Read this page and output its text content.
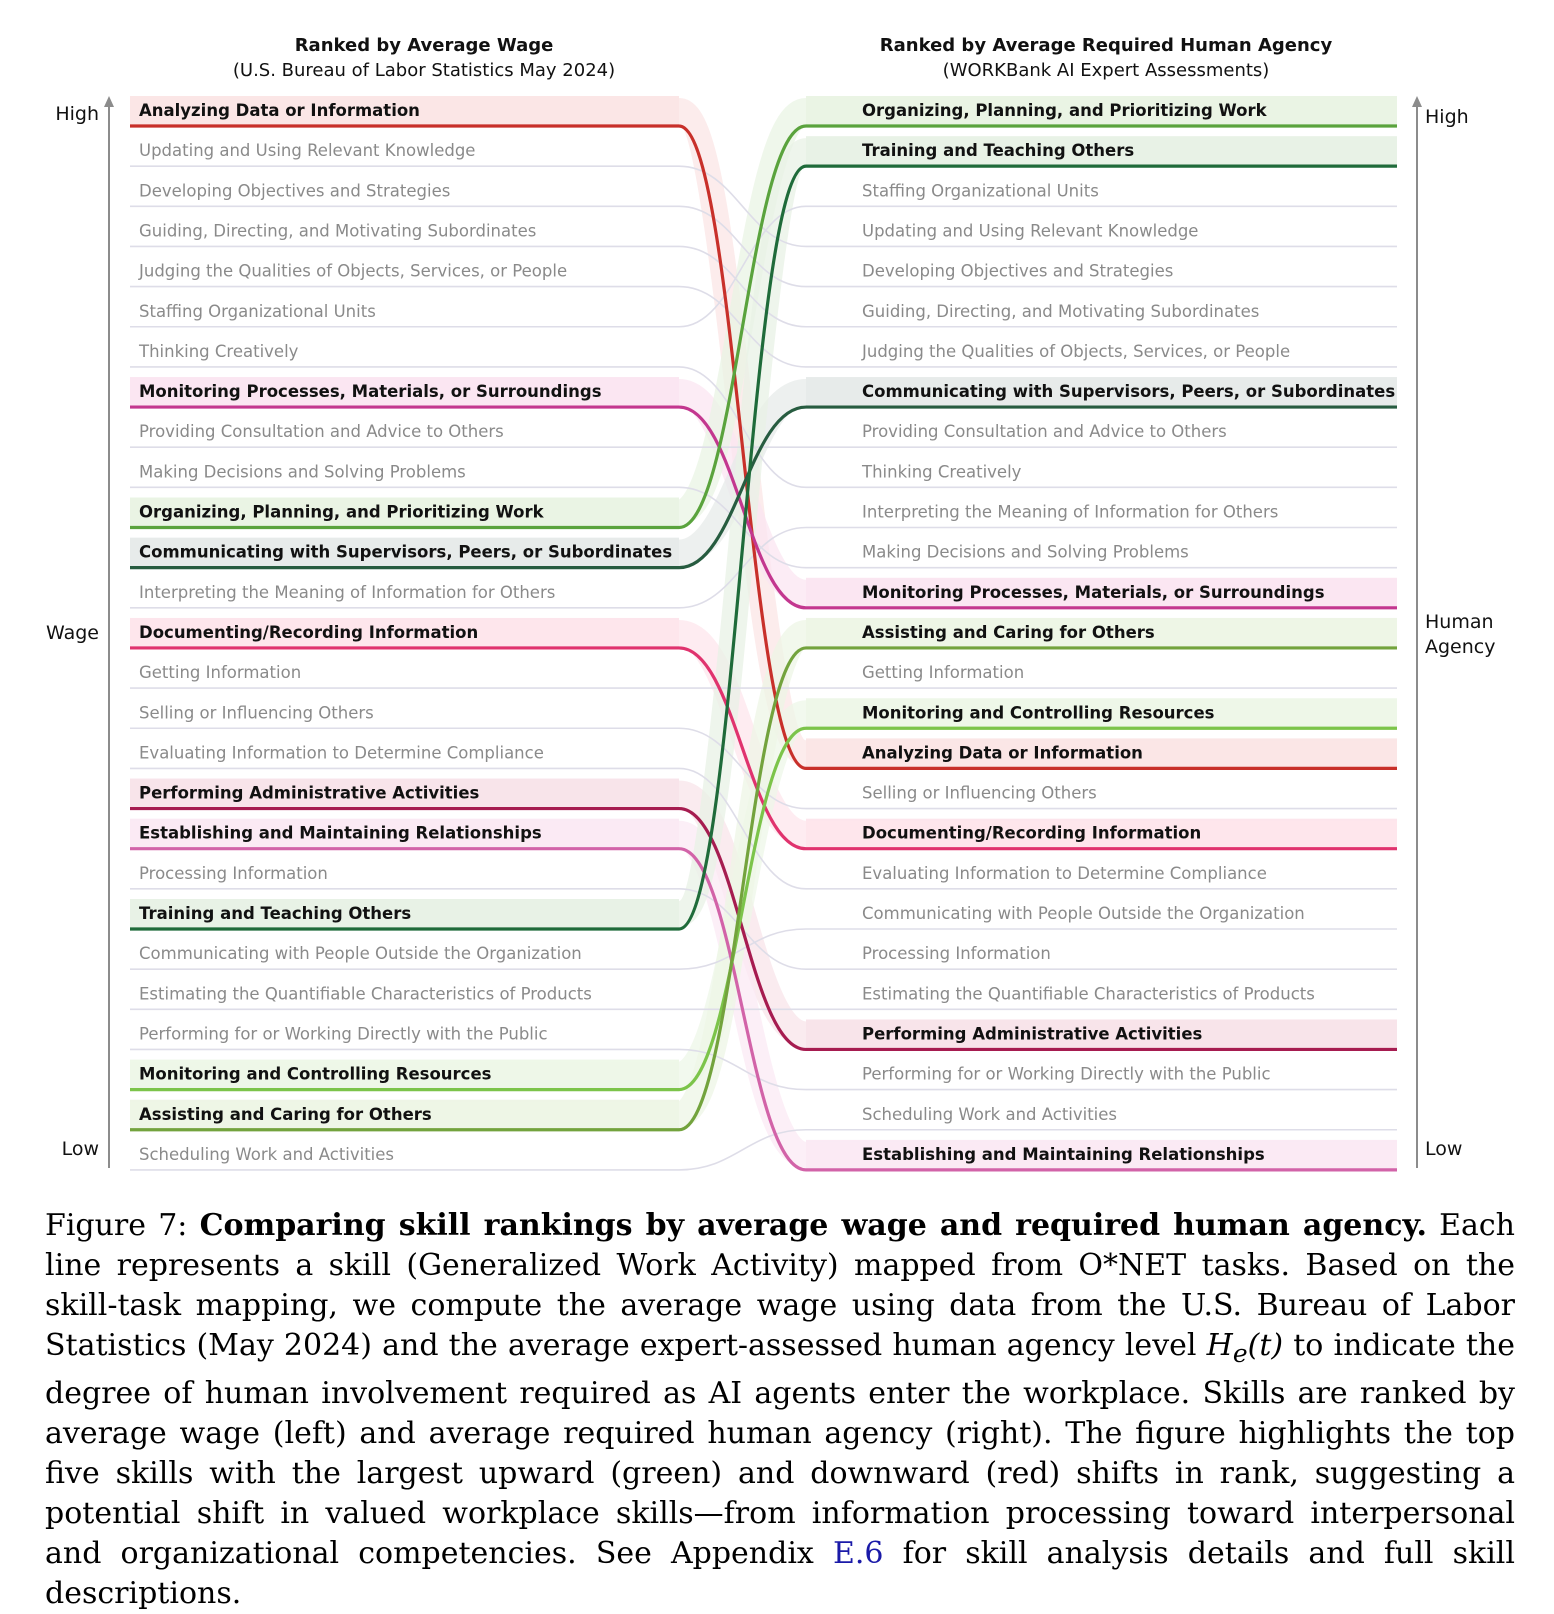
Ranked by Average Wage
(U.S. Bureau of Labor Statistics May 2024)
Ranked by Average Required Human Agency
(WORKBank AI Expert Assessments)
High
Wage
Low
High
Human
Agency
Low
Analyzing Data or Information
Analyzing Data or Information
Updating and Using Relevant Knowledge
Updating and Using Relevant Knowledge
Developing Objectives and Strategies
Developing Objectives and Strategies
Guiding, Directing, and Motivating Subordinates
Guiding, Directing, and Motivating Subordinates
Judging the Qualities of Objects, Services, or People
Judging the Qualities of Objects, Services, or People
Staffing Organizational Units
Staffing Organizational Units
Thinking Creatively
Thinking Creatively
Monitoring Processes, Materials, or Surroundings
Monitoring Processes, Materials, or Surroundings
Providing Consultation and Advice to Others	Providing Consultation and Advice to Others
Making Decisions and Solving Problems
Making Decisions and Solving Problems
Organizing, Planning, and Prioritizing Work
Organizing, Planning, and Prioritizing Work
Communicating with Supervisors, Peers, or Subordinates
Communicating with Supervisors, Peers, or Subordinates
Interpreting the Meaning of Information for Others
Interpreting the Meaning of Information for Others
Documenting/Recording Information
Documenting/Recording Information
Getting Information	Getting Information
Selling or Influencing Others
Selling or Influencing Others
Evaluating Information to Determine Compliance
Evaluating Information to Determine Compliance
Performing Administrative Activities
Performing Administrative Activities
Establishing and Maintaining Relationships
Establishing and Maintaining Relationships
Processing Information
Processing Information
Training and Teaching Others
Training and Teaching Others
Communicating with People Outside the Organization
Communicating with People Outside the Organization
Estimating the Quantifiable Characteristics of Products	Estimating the Quantifiable Characteristics of Products
Performing for or Working Directly with the Public
Performing for or Working Directly with the Public
Monitoring and Controlling Resources
Monitoring and Controlling Resources
Assisting and Caring for Others
Assisting and Caring for Others
Scheduling Work and Activities
Scheduling Work and Activities

Figure 7: Comparing skill rankings by average wage and required human agency. Each line represents a skill (Generalized Work Activity) mapped from O*NET tasks. Based on the skill-task mapping, we compute the average wage using data from the U.S. Bureau of Labor Statistics (May 2024) and the average expert-assessed human agency level $H_e(t)$ to indicate the degree of human involvement required as AI agents enter the workplace. Skills are ranked by average wage (left) and average required human agency (right). The figure highlights the top five skills with the largest upward (green) and downward (red) shifts in rank, suggesting a potential shift in valued workplace skills—from information processing toward interpersonal and organizational competencies. See Appendix E.6 for skill analysis details and full skill descriptions.
